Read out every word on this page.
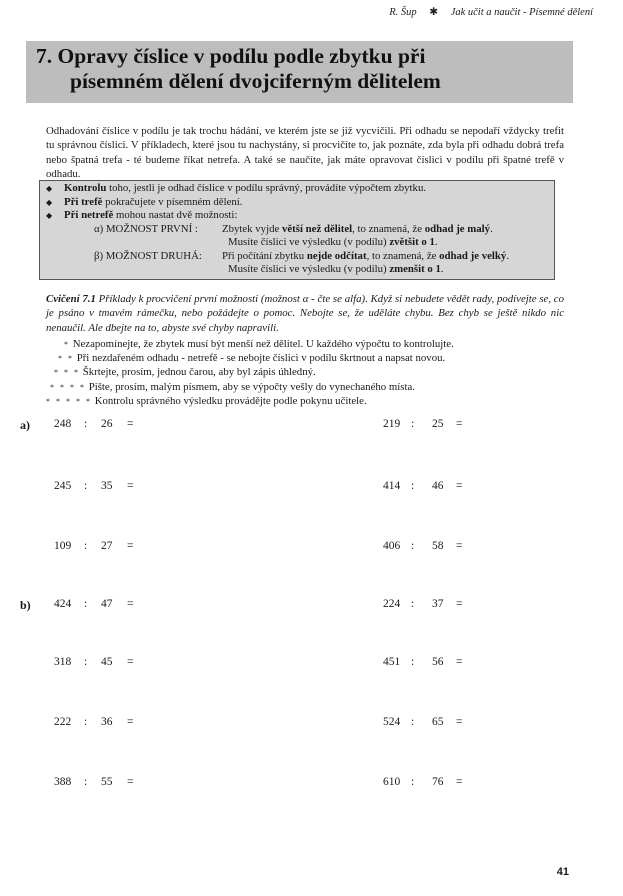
R. Šup ✱ Jak učit a naučit - Písemné dělení
7. Opravy číslice v podílu podle zbytku při
písemném dělení dvojciferným dělitelem
Odhadování číslice v podílu je tak trochu hádání, ve kterém jste se již vycvičili. Při odhadu se nepodaří vždycky trefit tu správnou číslici. V příkladech, které jsou tu nachystány, si procvičíte to, jak poznáte, zda byla při odhadu dobrá trefa nebo špatná trefa - té budeme říkat netrefa. A také se naučíte, jak máte opravovat číslici v podílu při špatné trefě v odhadu.
◆ Kontrolu toho, jestli je odhad číslice v podílu správný, provádíte výpočtem zbytku.
◆ Při trefě pokračujete v písemném dělení.
◆ Při netrefě mohou nastat dvě možnosti:
α) MOŽNOST PRVNÍ : Zbytek vyjde větší než dělitel, to znamená, že odhad je malý.
Musíte číslici ve výsledku (v podílu) zvětšit o 1.
β) MOŽNOST DRUHÁ: Při počítání zbytku nejde odčítat, to znamená, že odhad je velký.
Musíte číslici ve výsledku (v podílu) zmenšit o 1.
Cvičení 7.1 Příklady k procvičení první možnosti (možnost α - čte se alfa). Když si nebudete vědět rady, podívejte se, co je psáno v tmavém rámečku, nebo požádejte o pomoc. Nebojte se, že uděláte chybu. Bez chyb se ještě nikdo nic nenaučil. Ale dbejte na to, abyste své chyby napravili.
* Nezapomínejte, že zbytek musí být menší než dělitel. U každého výpočtu to kontrolujte.
* * Při nezdařeném odhadu - netrefě - se nebojte číslici v podílu škrtnout a napsat novou.
* * * Škrtejte, prosím, jednou čarou, aby byl zápis úhledný.
* * * * Pište, prosím, malým písmem, aby se výpočty vešly do vynechaného místa.
* * * * * Kontrolu správného výsledku provádějte podle pokynu učitele.
a)
b)
248 : 26 =	219 : 25 =
245 : 35 =	414 : 46 =
109 : 27 =	406 : 58 =
424 : 47 =	224 : 37 =
318 : 45 =	451 : 56 =
222 : 36 =	524 : 65 =
388 : 55 =	610 : 76 =
41
